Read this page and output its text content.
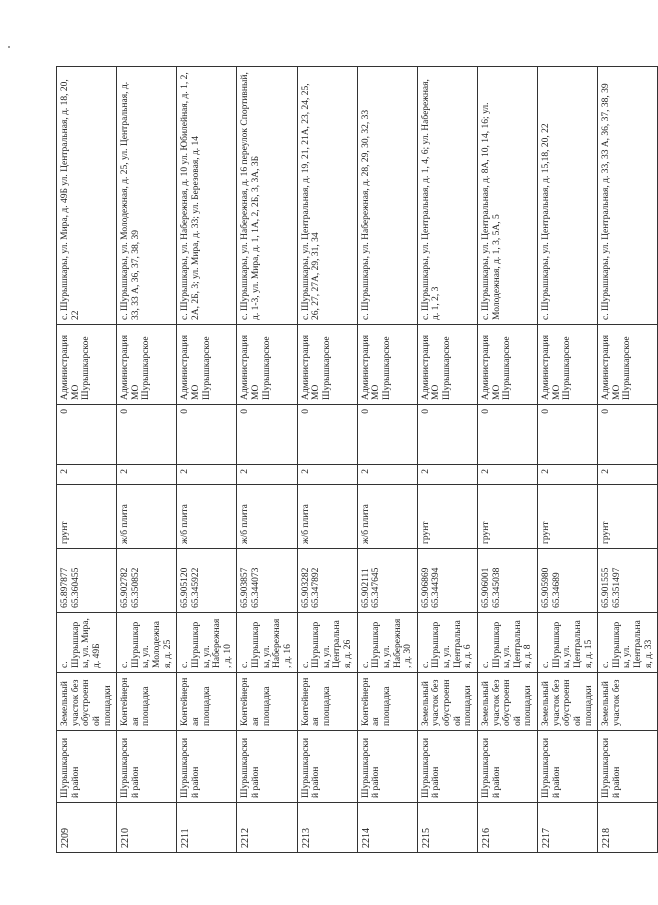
2209	Шурышкарский район	Земельный участок без обустроенной площадки	с. Шурышкары, ул. Мира, д. 49Б	65.897877 65.360455	грунт	2	0	Администрация МО Шурышкарское	с. Шурышкары, ул. Мира, д. 49Б ул. Центральная, д. 18, 20, 22
2210	Шурышкарский район	Контейнерная площадка	с. Шурышкары, ул. Молодежная, д. 25	65.902782 65.350852	ж/б плита	2	0	Администрация МО Шурышкарское	с. Шурышкары, ул. Молодежная, д. 25, ул. Центральная, д. 33, 33 А, 36, 37, 38, 39
2211	Шурышкарский район	Контейнерная площадка	с. Шурышкары, ул. Набережная, д. 10	65.905120 65.345922	ж/б плита	2	0	Администрация МО Шурышкарское	с. Шурышкары, ул. Набережная, д. 10 ул. Юбилейная, д. 1, 2, 2А, 2Б, 3; ул. Мира, д. 33; ул. Березовая, д. 14
2212	Шурышкарский район	Контейнерная площадка	с. Шурышкары, ул. Набережная, д. 16	65.903857 65.344073	ж/б плита	2	0	Администрация МО Шурышкарское	с. Шурышкары, ул. Набережная, д. 16 переулок Спортивный, д. 1-3, ул. Мира, д. 1, 1А, 2, 2Б, 3, 3А, 3Б
2213	Шурышкарский район	Контейнерная площадка	с. Шурышкары, ул. Центральная, д. 26	65.903282 65.347892	ж/б плита	2	0	Администрация МО Шурышкарское	с. Шурышкары, ул. Центральная, д. 19, 21, 21А, 23, 24, 25, 26, 27, 27А, 29, 31, 34
2214	Шурышкарский район	Контейнерная площадка	с. Шурышкары, ул. Набережная, д. 30	65.902111 65.347645	ж/б плита	2	0	Администрация МО Шурышкарское	с. Шурышкары, ул. Набережная, д. 28, 29, 30, 32, 33
2215	Шурышкарский район	Земельный участок без обустроенной площадки	с. Шурышкары, ул. Центральная, д. 6	65.906869 65.344394	грунт	2	0	Администрация МО Шурышкарское	с. Шурышкары, ул. Центральная, д. 1, 4, 6; ул. Набережная, д. 1, 2, 3
2216	Шурышкарский район	Земельный участок без обустроенной площадки	с. Шурышкары, ул. Центральная, д. 8	65.906001 65.345038	грунт	2	0	Администрация МО Шурышкарское	с. Шурышкары, ул. Центральная, д. 8А, 10, 14, 16; ул. Молодежная, д. 1, 3, 5А, 5
2217	Шурышкарский район	Земельный участок без обустроенной площадки	с. Шурышкары, ул. Центральная, д. 15	65.905980 65.34689	грунт	2	0	Администрация МО Шурышкарское	с. Шурышкары, ул. Центральная, д. 15,18, 20, 22
2218	Шурышкарский район	Земельный участок без	с. Шурышкары, ул. Центральная, д. 33	65.901555 65.351497	грунт	2	0	Администрация МО Шурышкарское	с. Шурышкары, ул. Центральная, д. 33, 33 А, 36, 37, 38, 39
